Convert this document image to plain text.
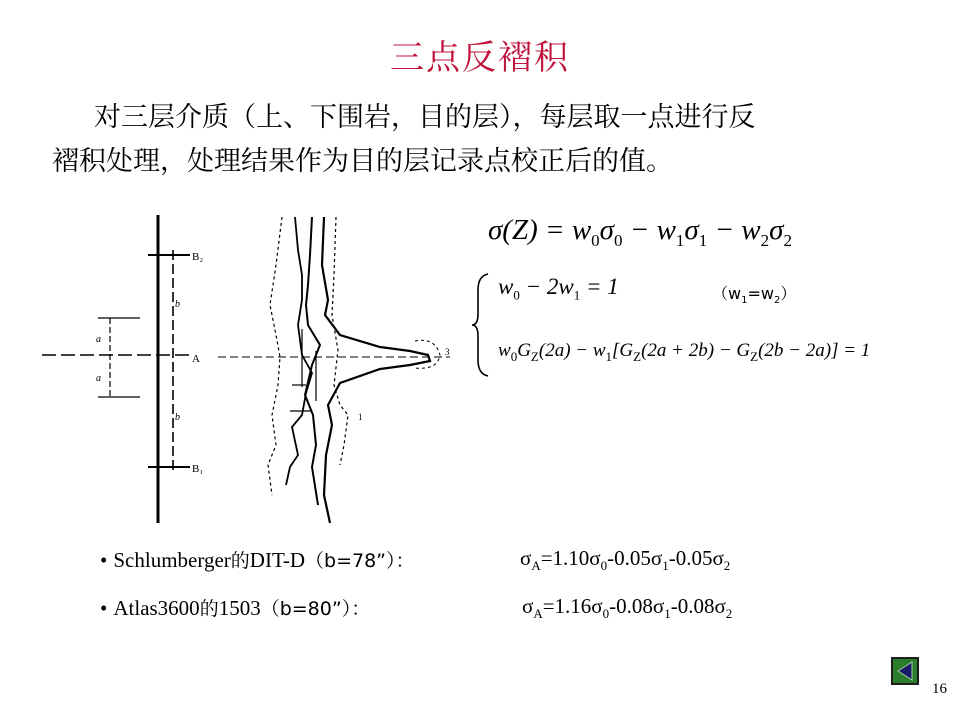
三点反褶积
对三层介质（上、下围岩，目的层），每层取一点进行反
褶积处理，处理结果作为目的层记录点校正后的值。
$\sigma(Z) = w_0\sigma_0 - w_1\sigma_1 - w_2\sigma_2$
$w_0 - 2w_1 = 1$	$(w_1=w_2)$
$w_0G_Z(2a) - w_1[G_Z(2a + 2b) - G_Z(2b - 2a)] = 1$
B₂
A
B₁
a
a
b
b
3
1
• Schlumberger的DIT-D（b=78”）：	$\sigma_A=1.10\sigma_0-0.05\sigma_1-0.05\sigma_2$
• Atlas3600的1503（b=80”）：	$\sigma_A=1.16\sigma_0-0.08\sigma_1-0.08\sigma_2$
16
